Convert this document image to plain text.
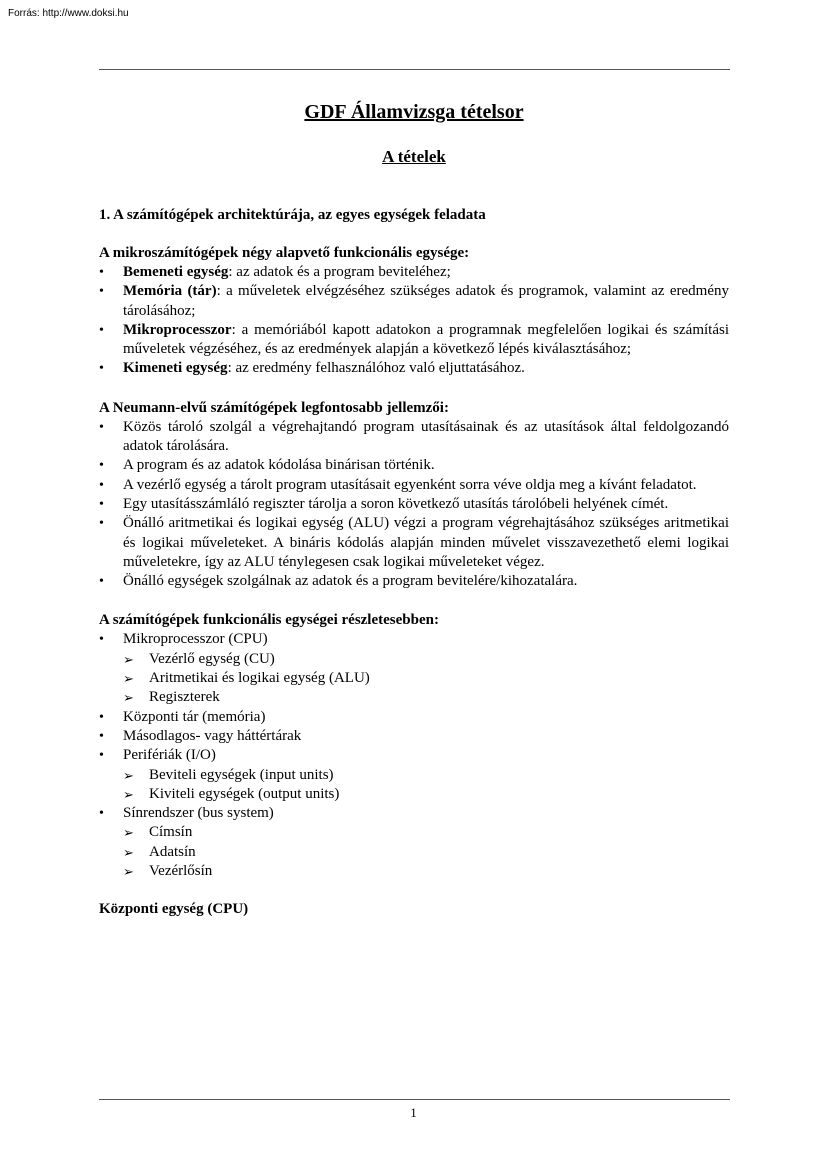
Forrás: http://www.doksi.hu
GDF Államvizsga tételsor
A tételek

1. A számítógépek architektúrája, az egyes egységek feladata

A mikroszámítógépek négy alapvető funkcionális egysége:

• Bemeneti egység: az adatok és a program beviteléhez;
• Memória (tár): a műveletek elvégzéséhez szükséges adatok és programok, valamint az eredmény tárolásához;
• Mikroprocesszor: a memóriából kapott adatokon a programnak megfelelően logikai és számítási műveletek végzéséhez, és az eredmények alapján a következő lépés kiválasztásához;
• Kimeneti egység: az eredmény felhasználóhoz való eljuttatásához.

A Neumann-elvű számítógépek legfontosabb jellemzői:

• Közös tároló szolgál a végrehajtandó program utasításainak és az utasítások által feldolgozandó adatok tárolására.
• A program és az adatok kódolása binárisan történik.
• A vezérlő egység a tárolt program utasításait egyenként sorra véve oldja meg a kívánt feladatot.
• Egy utasításszámláló regiszter tárolja a soron következő utasítás tárolóbeli helyének címét.
• Önálló aritmetikai és logikai egység (ALU) végzi a program végrehajtásához szükséges aritmetikai és logikai műveleteket. A bináris kódolás alapján minden művelet visszavezethető elemi logikai műveletekre, így az ALU ténylegesen csak logikai műveleteket végez.
• Önálló egységek szolgálnak az adatok és a program bevitelére/kihozatalára.

A számítógépek funkcionális egységei részletesebben:

• Mikroprocesszor (CPU)
➢ Vezérlő egység (CU)
➢ Aritmetikai és logikai egység (ALU)
➢ Regiszterek
• Központi tár (memória)
• Másodlagos- vagy háttértárak
• Perifériák (I/O)
➢ Beviteli egységek (input units)
➢ Kiviteli egységek (output units)
• Sínrendszer (bus system)
➢ Címsín
➢ Adatsín
➢ Vezérlősín

Központi egység (CPU)

1
